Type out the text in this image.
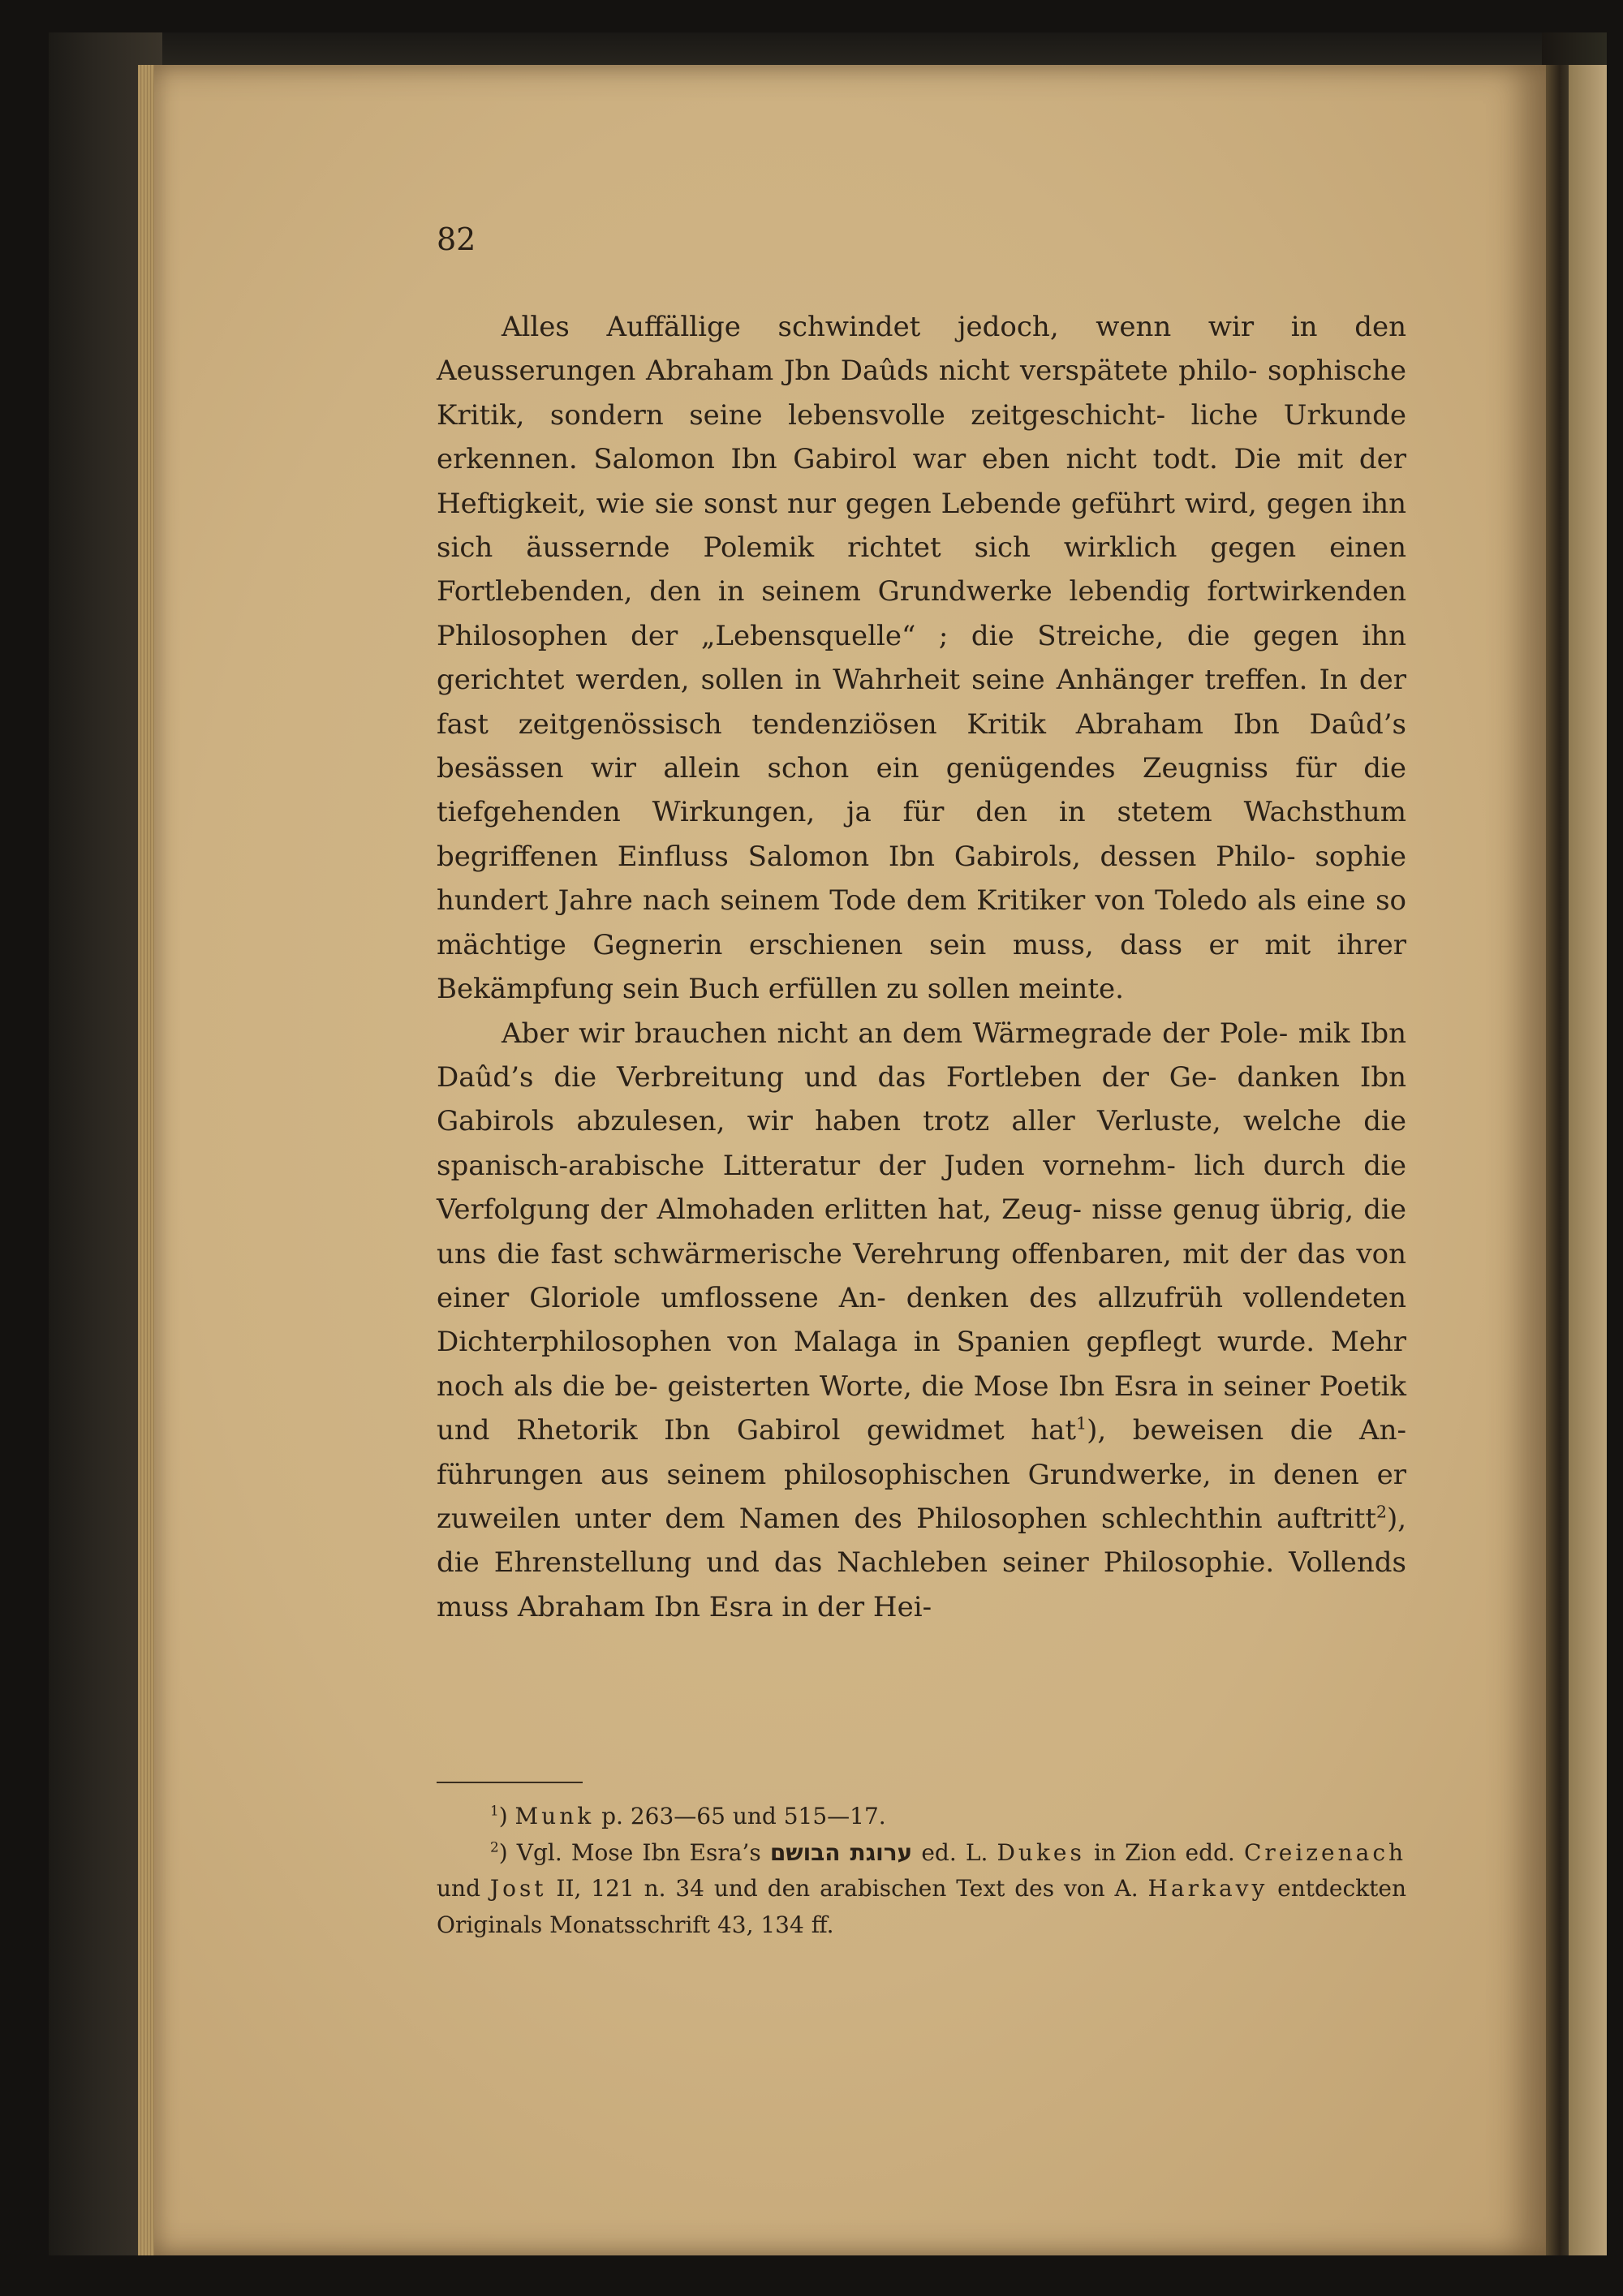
82

Alles Auffällige schwindet jedoch, wenn wir in den Aeusserungen Abraham Jbn Daûds nicht verspätete philo- sophische Kritik, sondern seine lebensvolle zeitgeschicht- liche Urkunde erkennen. Salomon Ibn Gabirol war eben nicht todt. Die mit der Heftigkeit, wie sie sonst nur gegen Lebende geführt wird, gegen ihn sich äussernde Polemik richtet sich wirklich gegen einen Fortlebenden, den in seinem Grundwerke lebendig fortwirkenden Philosophen der „Lebensquelle“ ; die Streiche, die gegen ihn gerichtet werden, sollen in Wahrheit seine Anhänger treffen. In der fast zeitgenössisch tendenziösen Kritik Abraham Ibn Daûd’s besässen wir allein schon ein genügendes Zeugniss für die tiefgehenden Wirkungen, ja für den in stetem Wachsthum begriffenen Einfluss Salomon Ibn Gabirols, dessen Philo- sophie hundert Jahre nach seinem Tode dem Kritiker von Toledo als eine so mächtige Gegnerin erschienen sein muss, dass er mit ihrer Bekämpfung sein Buch erfüllen zu sollen meinte.

Aber wir brauchen nicht an dem Wärmegrade der Pole- mik Ibn Daûd’s die Verbreitung und das Fortleben der Ge- danken Ibn Gabirols abzulesen, wir haben trotz aller Verluste, welche die spanisch-arabische Litteratur der Juden vornehm- lich durch die Verfolgung der Almohaden erlitten hat, Zeug- nisse genug übrig, die uns die fast schwärmerische Verehrung offenbaren, mit der das von einer Gloriole umflossene An- denken des allzufrüh vollendeten Dichterphilosophen von Malaga in Spanien gepflegt wurde. Mehr noch als die be- geisterten Worte, die Mose Ibn Esra in seiner Poetik und Rhetorik Ibn Gabirol gewidmet hat$^1$), beweisen die An- führungen aus seinem philosophischen Grundwerke, in denen er zuweilen unter dem Namen des Philosophen schlechthin auftritt$^2$), die Ehrenstellung und das Nachleben seiner Philosophie. Vollends muss Abraham Ibn Esra in der Hei-

$^1$) Munk p. 263—65 und 515—17.

$^2$) Vgl. Mose Ibn Esra’s ערוגת הבושם ed. L. Dukes in Zion edd. Creizenach und Jost II, 121 n. 34 und den arabischen Text des von A. Harkavy entdeckten Originals Monatsschrift 43, 134 ff.
